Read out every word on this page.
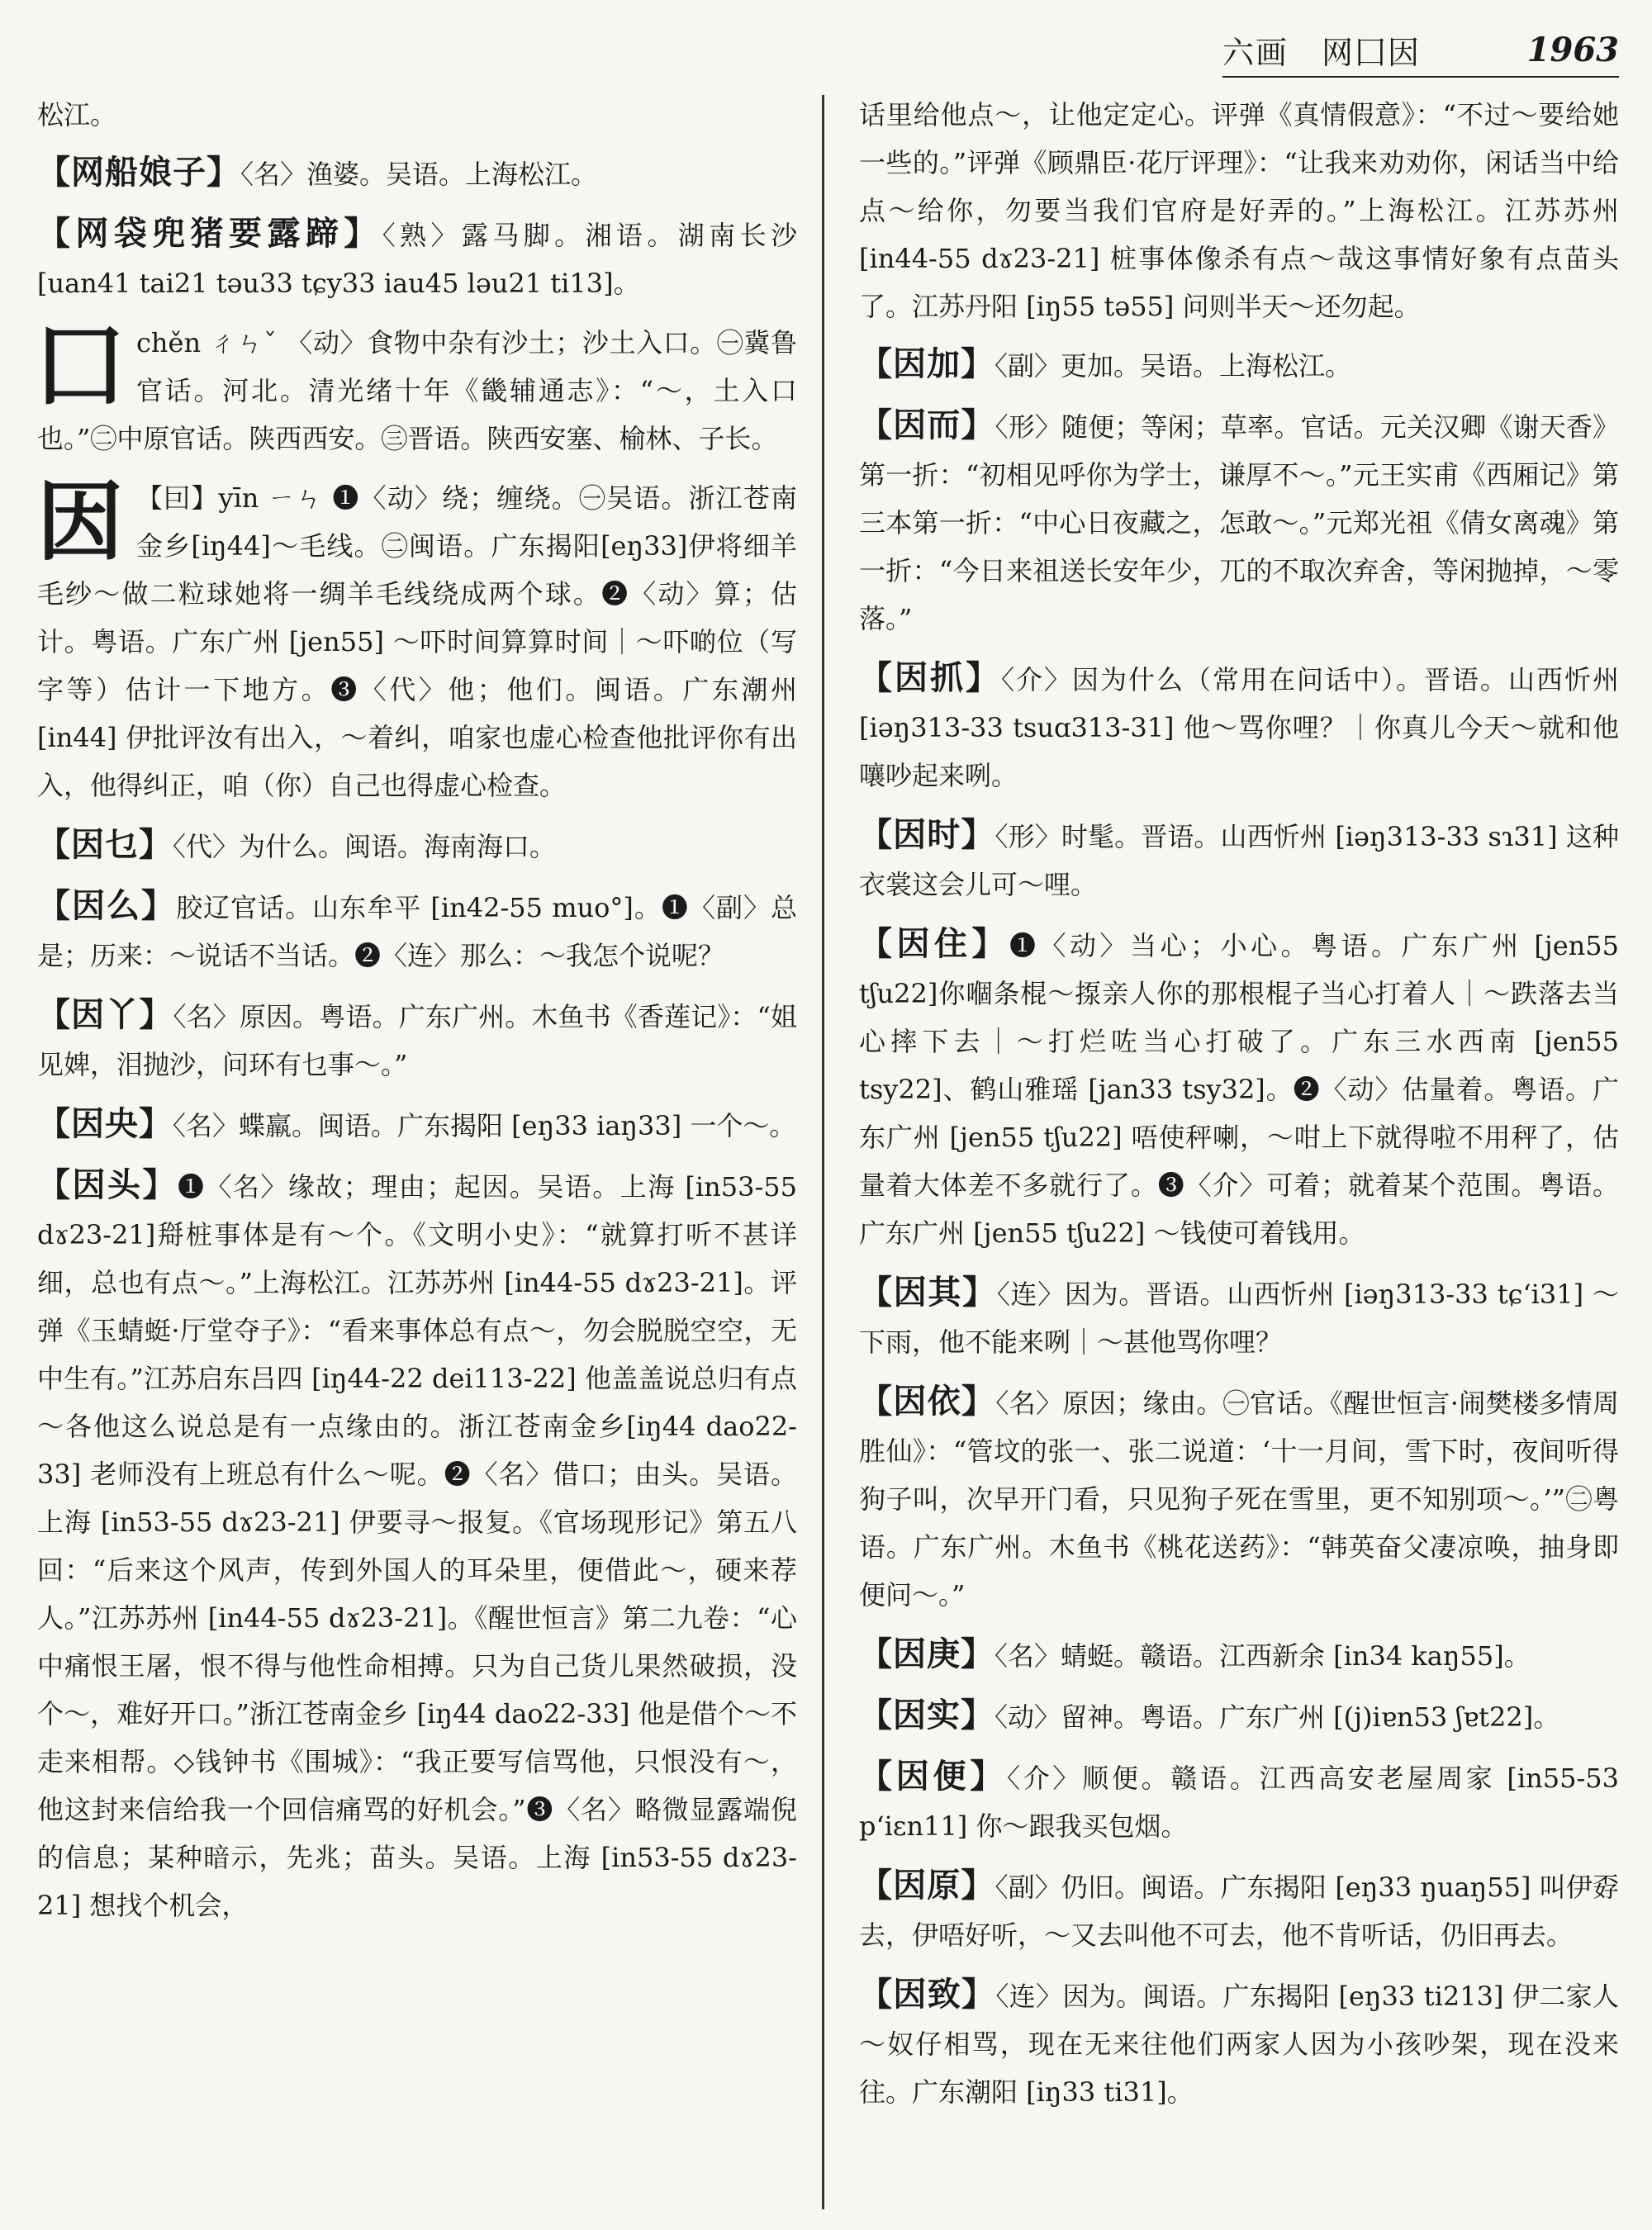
六画　网囗因	1963

松江。

【网船娘子】〈名〉渔婆。吴语。上海松江。

【网袋兜猪要露蹄】〈熟〉露马脚。湘语。湖南长沙 [uan41 tai21 təu33 tɕy33 iau45 ləu21 ti13]。

囗chěn ㄔㄣˇ 〈动〉食物中杂有沙土；沙土入口。㊀冀鲁官话。河北。清光绪十年《畿辅通志》：“～，土入口也。”㊁中原官话。陕西西安。㊂晋语。陕西安塞、榆林、子长。

因 【囙】yīn ㄧㄣ ❶〈动〉绕；缠绕。㊀吴语。浙江苍南金乡[iŋ44]～毛线。㊁闽语。广东揭阳[eŋ33]伊将细羊毛纱～做二粒球她将一绸羊毛线绕成两个球。❷〈动〉算；估计。粤语。广东广州 [jen55] ～吓时间算算时间｜～吓啲位（写字等）估计一下地方。❸〈代〉他；他们。闽语。广东潮州 [in44] 伊批评汝有出入，～着纠，咱家也虚心检查他批评你有出入，他得纠正，咱（你）自己也得虚心检查。

【因乜】〈代〉为什么。闽语。海南海口。

【因么】胶辽官话。山东牟平 [in42-55 muo°]。❶〈副〉总是；历来：～说话不当话。❷〈连〉那么：～我怎个说呢？

【因丫】〈名〉原因。粤语。广东广州。木鱼书《香莲记》：“姐见婢，泪抛沙，问环有乜事～。”

【因央】〈名〉蝶羸。闽语。广东揭阳 [eŋ33 iaŋ33] 一个～。

【因头】❶〈名〉缘故；理由；起因。吴语。上海 [in53-55 dɤ23-21]搿桩事体是有～个。《文明小史》：“就算打听不甚详细，总也有点～。”上海松江。江苏苏州 [in44-55 dɤ23-21]。评弹《玉蜻蜓·厅堂夺子》：“看来事体总有点～，勿会脱脱空空，无中生有。”江苏启东吕四 [iŋ44-22 dei113-22] 他盖盖说总归有点～各他这么说总是有一点缘由的。浙江苍南金乡[iŋ44 dao22-33] 老师没有上班总有什么～呢。❷〈名〉借口；由头。吴语。上海 [in53-55 dɤ23-21] 伊要寻～报复。《官场现形记》第五八回：“后来这个风声，传到外国人的耳朵里，便借此～，硬来荐人。”江苏苏州 [in44-55 dɤ23-21]。《醒世恒言》第二九卷：“心中痛恨王屠，恨不得与他性命相搏。只为自己货儿果然破损，没个～，难好开口。”浙江苍南金乡 [iŋ44 dao22-33] 他是借个～不走来相帮。◇钱钟书《围城》：“我正要写信骂他，只恨没有～，他这封来信给我一个回信痛骂的好机会。”❸〈名〉略微显露端倪的信息；某种暗示，先兆；苗头。吴语。上海 [in53-55 dɤ23-21] 想找个机会，

话里给他点～，让他定定心。评弹《真情假意》：“不过～要给她一些的。”评弹《顾鼎臣·花厅评理》：“让我来劝劝你，闲话当中给点～给你，勿要当我们官府是好弄的。”上海松江。江苏苏州 [in44-55 dɤ23-21] 桩事体像杀有点～哉这事情好象有点苗头了。江苏丹阳 [iŋ55 tə55] 问则半天～还勿起。

【因加】〈副〉更加。吴语。上海松江。

【因而】〈形〉随便；等闲；草率。官话。元关汉卿《谢天香》第一折：“初相见呼你为学士，谦厚不～。”元王实甫《西厢记》第三本第一折：“中心日夜藏之，怎敢～。”元郑光祖《倩女离魂》第一折：“今日来祖送长安年少，兀的不取次弃舍，等闲抛掉，～零落。”

【因抓】〈介〉因为什么（常用在问话中）。晋语。山西忻州 [iəŋ313-33 tsuɑ313-31] 他～骂你哩？｜你真儿今天～就和他嚷吵起来咧。

【因时】〈形〉时髦。晋语。山西忻州 [iəŋ313-33 sɿ31] 这种衣裳这会儿可～哩。

【因住】❶〈动〉当心；小心。粤语。广东广州 [jen55 tʃu22]你嗰条棍～揼亲人你的那根棍子当心打着人｜～跌落去当心摔下去｜～打烂咗当心打破了。广东三水西南 [jen55 tsy22]、鹤山雅瑶 [jan33 tsy32]。❷〈动〉估量着。粤语。广东广州 [jen55 tʃu22] 唔使秤喇，～咁上下就得啦不用秤了，估量着大体差不多就行了。❸〈介〉可着；就着某个范围。粤语。广东广州 [jen55 tʃu22] ～钱使可着钱用。

【因其】〈连〉因为。晋语。山西忻州 [iəŋ313-33 tɕʻi31] ～下雨，他不能来咧｜～甚他骂你哩？

【因依】〈名〉原因；缘由。㊀官话。《醒世恒言·闹樊楼多情周胜仙》：“管坟的张一、张二说道：‘十一月间，雪下时，夜间听得狗子叫，次早开门看，只见狗子死在雪里，更不知别项～。’”㊁粤语。广东广州。木鱼书《桃花送药》：“韩英奋父凄凉唤，抽身即便问～。”

【因庚】〈名〉蜻蜓。赣语。江西新余 [in34 kaŋ55]。

【因实】〈动〉留神。粤语。广东广州 [(j)iɐn53 ʃɐt22]。

【因便】〈介〉顺便。赣语。江西高安老屋周家 [in55-53 pʻiɛn11] 你～跟我买包烟。

【因原】〈副〉仍旧。闽语。广东揭阳 [eŋ33 ŋuaŋ55] 叫伊孬去，伊唔好听，～又去叫他不可去，他不肯听话，仍旧再去。

【因致】〈连〉因为。闽语。广东揭阳 [eŋ33 ti213] 伊二家人～奴仔相骂，现在无来往他们两家人因为小孩吵架，现在没来往。广东潮阳 [iŋ33 ti31]。
